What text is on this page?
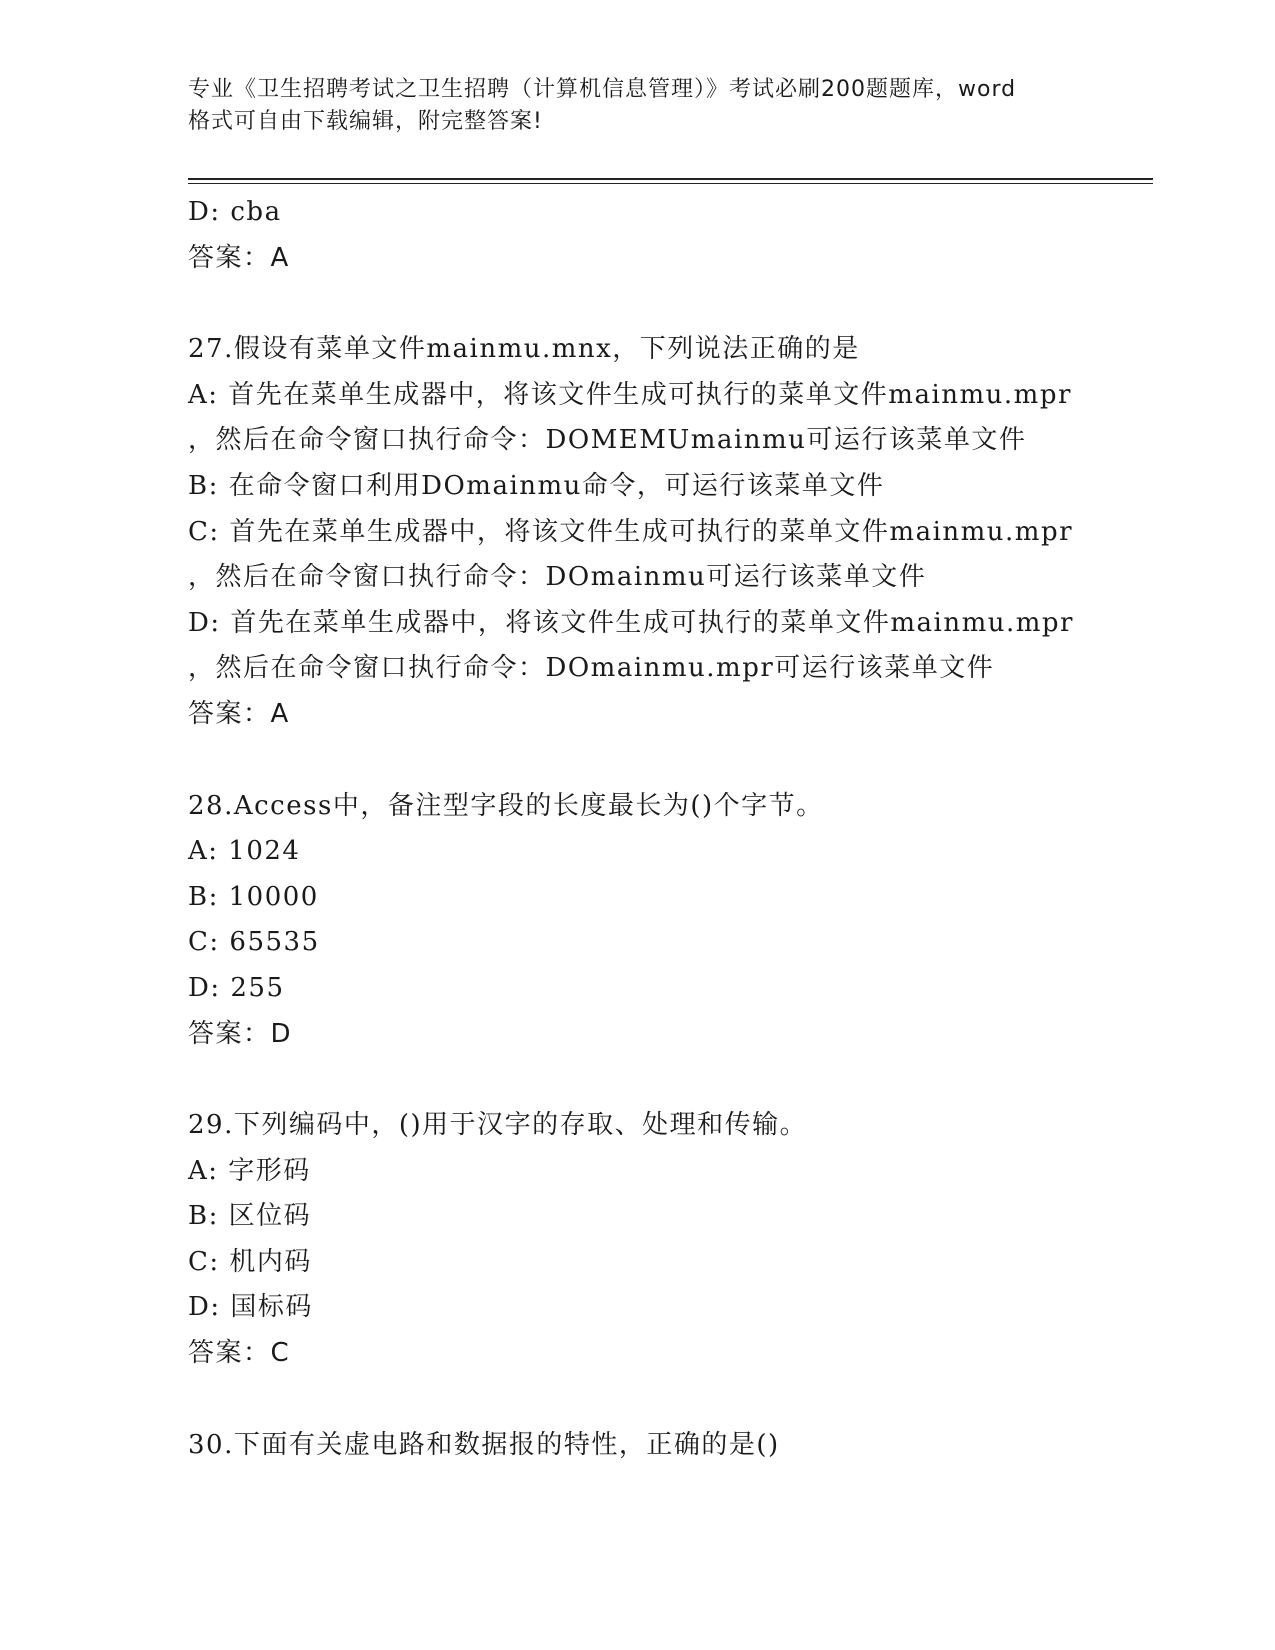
专业《卫生招聘考试之卫生招聘（计算机信息管理）》考试必刷200题题库，word
格式可自由下载编辑，附完整答案!
D: cba
答案：A
27.假设有菜单文件mainmu.mnx，下列说法正确的是
A: 首先在菜单生成器中，将该文件生成可执行的菜单文件mainmu.mpr
，然后在命令窗口执行命令：DOMEMUmainmu可运行该菜单文件
B: 在命令窗口利用DOmainmu命令，可运行该菜单文件
C: 首先在菜单生成器中，将该文件生成可执行的菜单文件mainmu.mpr
，然后在命令窗口执行命令：DOmainmu可运行该菜单文件
D: 首先在菜单生成器中，将该文件生成可执行的菜单文件mainmu.mpr
，然后在命令窗口执行命令：DOmainmu.mpr可运行该菜单文件
答案：A
28.Access中，备注型字段的长度最长为()个字节。
A: 1024
B: 10000
C: 65535
D: 255
答案：D
29.下列编码中，()用于汉字的存取、处理和传输。
A: 字形码
B: 区位码
C: 机内码
D: 国标码
答案：C
30.下面有关虚电路和数据报的特性，正确的是()
